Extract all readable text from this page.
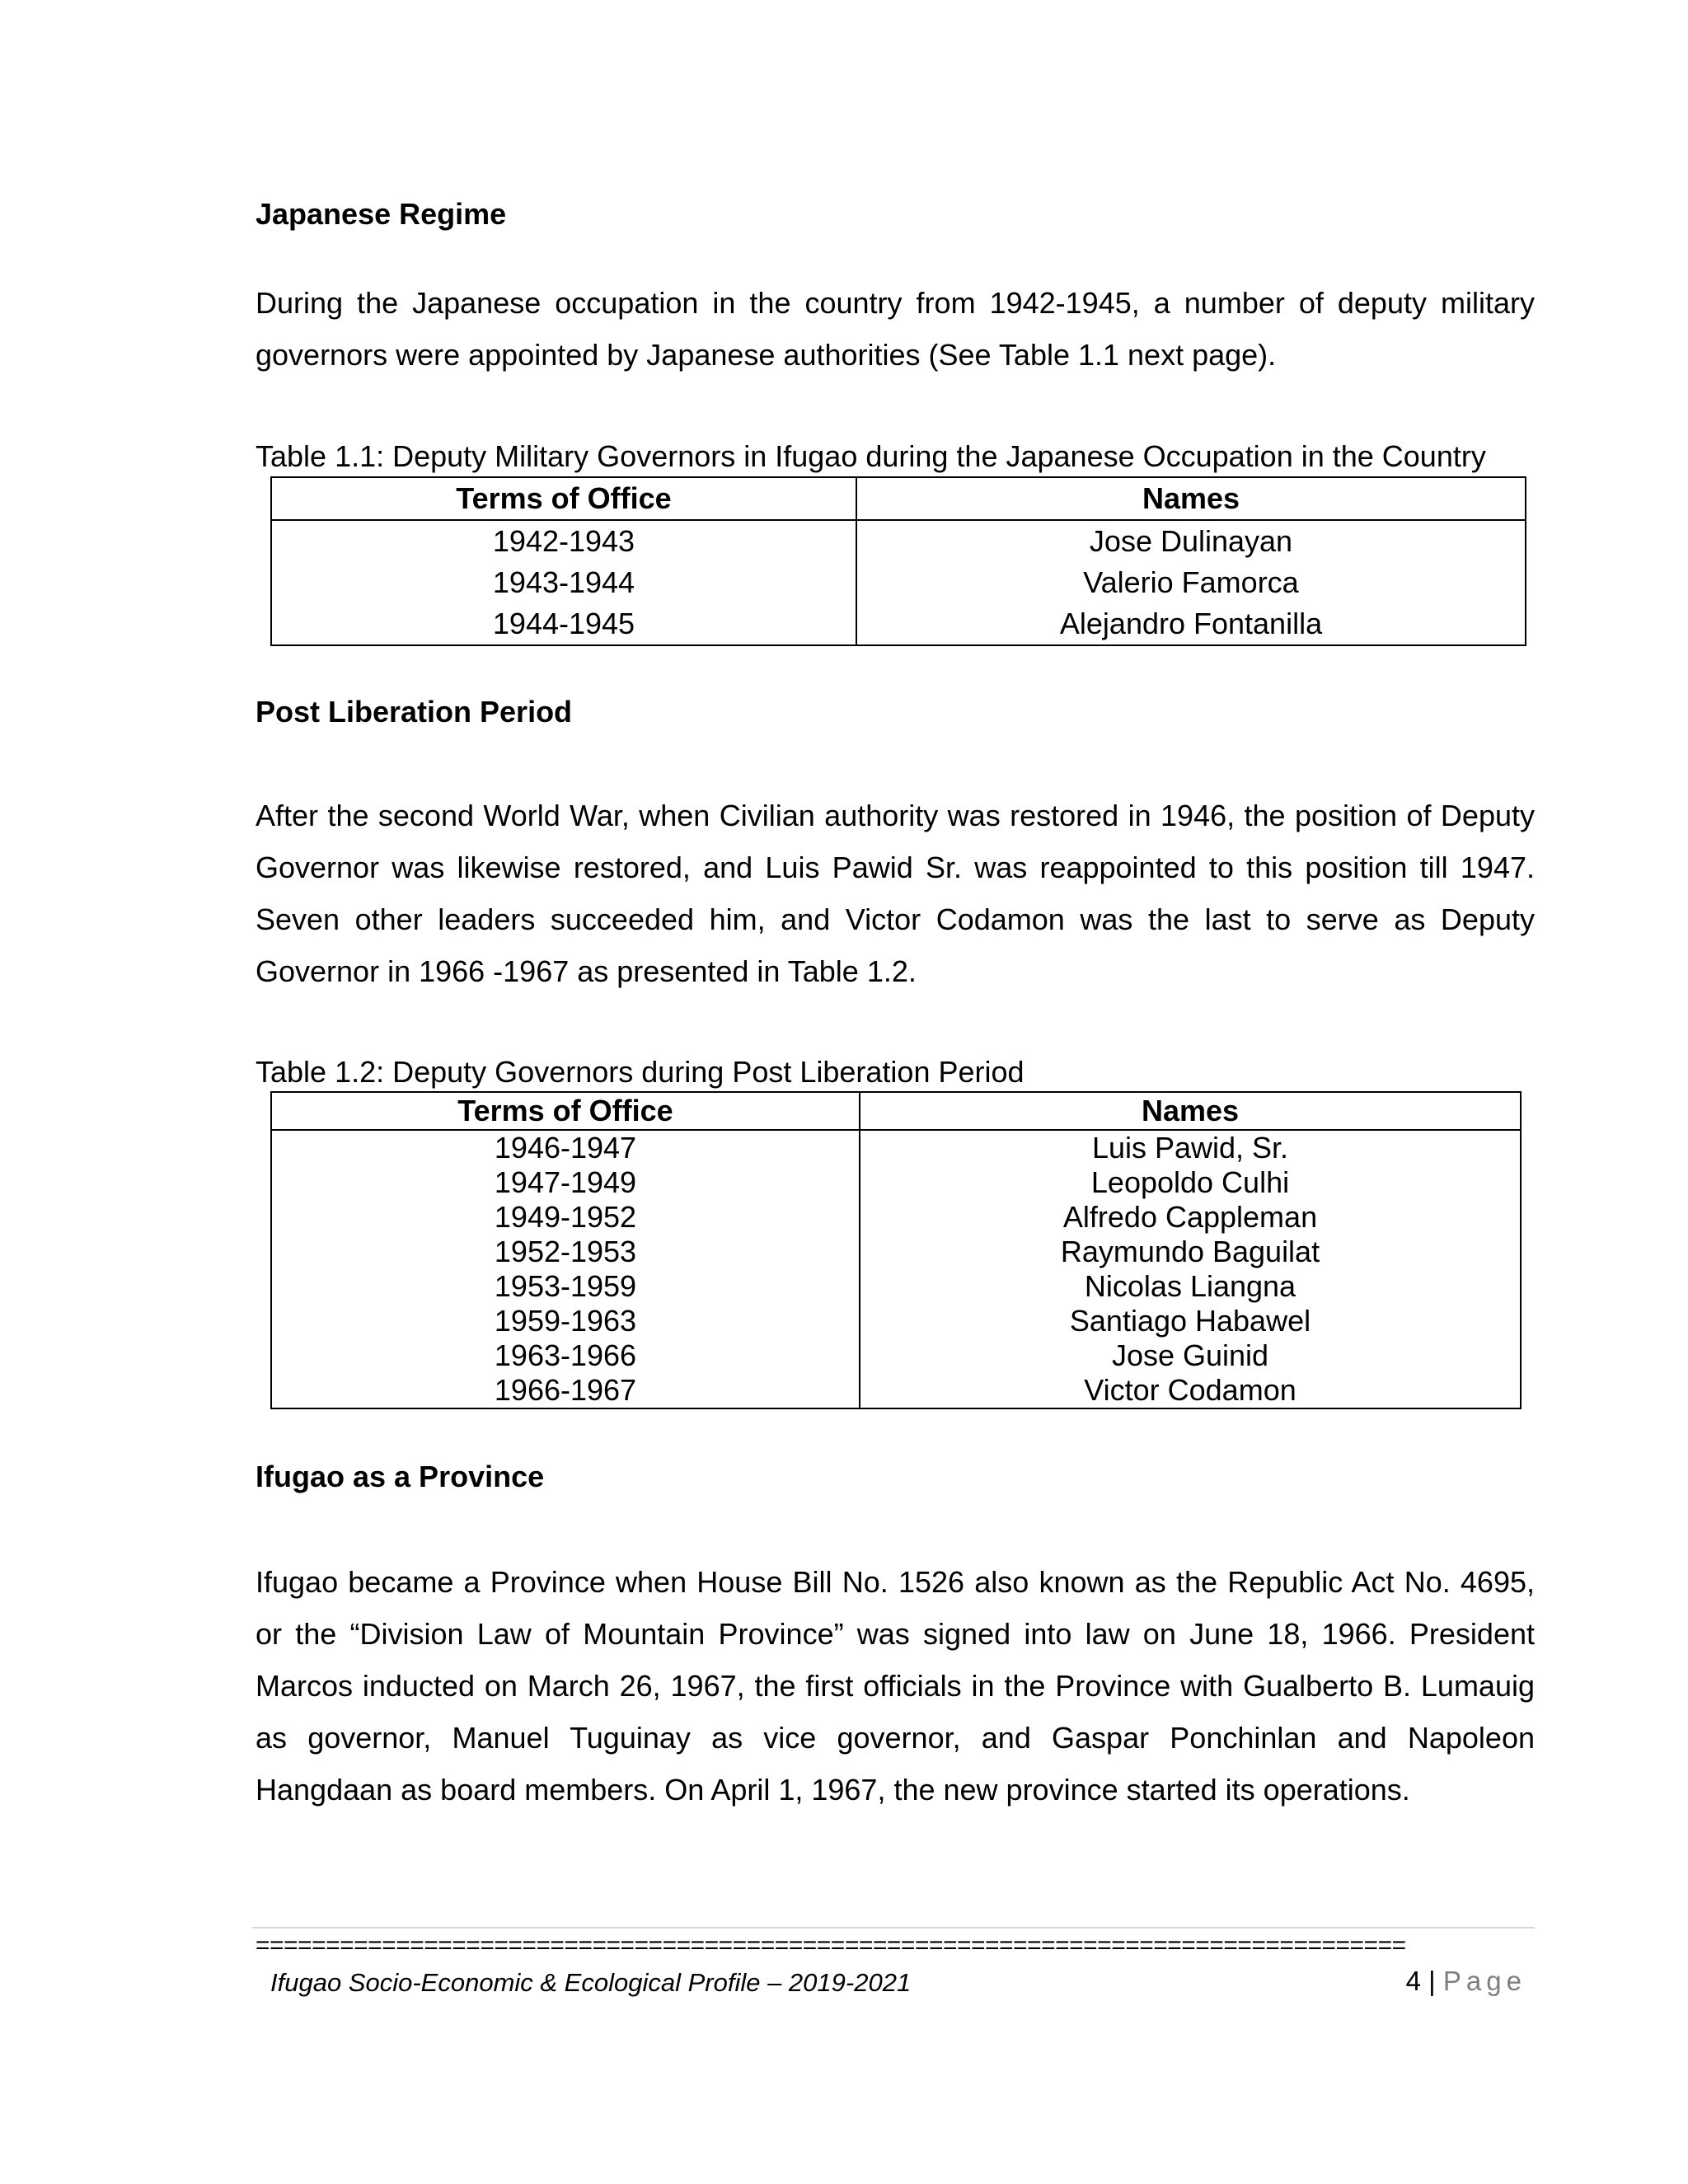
Japanese Regime

During the Japanese occupation in the country from 1942-1945, a number of deputy military governors were appointed by Japanese authorities (See Table 1.1 next page).

Table 1.1: Deputy Military Governors in Ifugao during the Japanese Occupation in the Country
Terms of Office	Names
1942-1943	Jose Dulinayan
1943-1944	Valerio Famorca
1944-1945	Alejandro Fontanilla
Post Liberation Period

After the second World War, when Civilian authority was restored in 1946, the position of Deputy Governor was likewise restored, and Luis Pawid Sr. was reappointed to this position till 1947. Seven other leaders succeeded him, and Victor Codamon was the last to serve as Deputy Governor in 1966 -1967 as presented in Table 1.2.

Table 1.2: Deputy Governors during Post Liberation Period
Terms of Office	Names
1946-1947	Luis Pawid, Sr.
1947-1949	Leopoldo Culhi
1949-1952	Alfredo Cappleman
1952-1953	Raymundo Baguilat
1953-1959	Nicolas Liangna
1959-1963	Santiago Habawel
1963-1966	Jose Guinid
1966-1967	Victor Codamon
Ifugao as a Province

Ifugao became a Province when House Bill No. 1526 also known as the Republic Act No. 4695, or the “Division Law of Mountain Province” was signed into law on June 18, 1966. President Marcos inducted on March 26, 1967, the first officials in the Province with Gualberto B. Lumauig as governor, Manuel Tuguinay as vice governor, and Gaspar Ponchinlan and Napoleon Hangdaan as board members. On April 1, 1967, the new province started its operations.

==================================================================================
Ifugao Socio-Economic & Ecological Profile – 2019-2021	4 | Page
